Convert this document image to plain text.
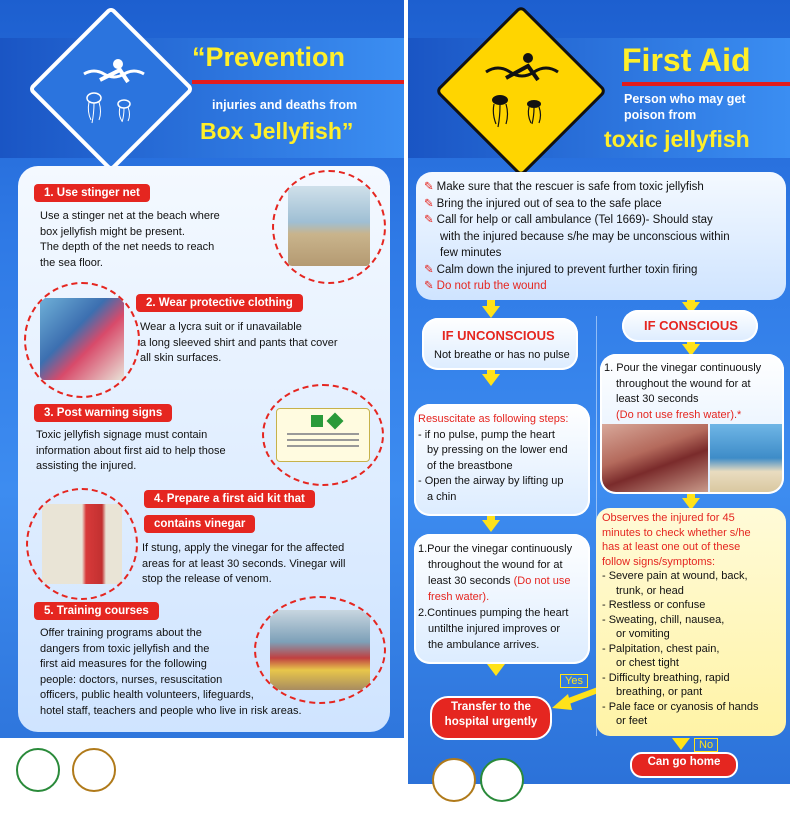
“Prevention
injuries and deaths from
Box Jellyfish”
1. Use stinger net
Use a stinger net at the beach where
box jellyfish might be present.
The depth of the net needs to reach
the sea floor.
2. Wear protective clothing
Wear a lycra suit or if unavailable
a long sleeved shirt and pants that cover
all skin surfaces.
3. Post warning signs
Toxic jellyfish signage must contain
information about first aid to help those
assisting the injured.
4. Prepare a first aid kit that
contains vinegar
If stung, apply the vinegar for the affected
areas for at least 30 seconds. Vinegar will
stop the release of venom.
5. Training courses
Offer training programs about the
dangers from toxic jellyfish and the
first aid measures for the following
people: doctors, nurses, resuscitation
officers, public health volunteers, lifeguards,
hotel staff, teachers and people who live in risk areas.
First Aid
Person who may get
poison from
toxic jellyfish
✎ Make sure that the rescuer is safe from toxic jellyfish
✎ Bring the injured out of sea to the safe place
✎ Call for help or call ambulance (Tel 1669)- Should stay
with the injured because s/he may be unconscious within
few minutes
✎ Calm down the injured to prevent further toxin firing
✎ Do not rub the wound
IF UNCONSCIOUS
Not breathe or has no pulse
Resuscitate as following steps:
- if no pulse, pump the heart
by pressing on the lower end
of the breastbone
- Open the airway by lifting up
a chin
1.Pour the vinegar continuously
throughout the wound for at
least 30 seconds (Do not use
fresh water).
2.Continues pumping the heart
untilthe injured improves or
the ambulance arrives.
Yes
Transfer to the
hospital urgently
IF CONSCIOUS
1. Pour the vinegar continuously
throughout the wound for at
least 30 seconds
(Do not use fresh water).*
Observes the injured for 45
minutes to check whether s/he
has at least one out of these
follow signs/symptoms:
- Severe pain at wound, back,
trunk, or head
- Restless or confuse
- Sweating, chill, nausea,
or vomiting
- Palpitation, chest pain,
or chest tight
- Difficulty breathing, rapid
breathing, or pant
- Pale face or cyanosis of hands
or feet
No
Can go home
